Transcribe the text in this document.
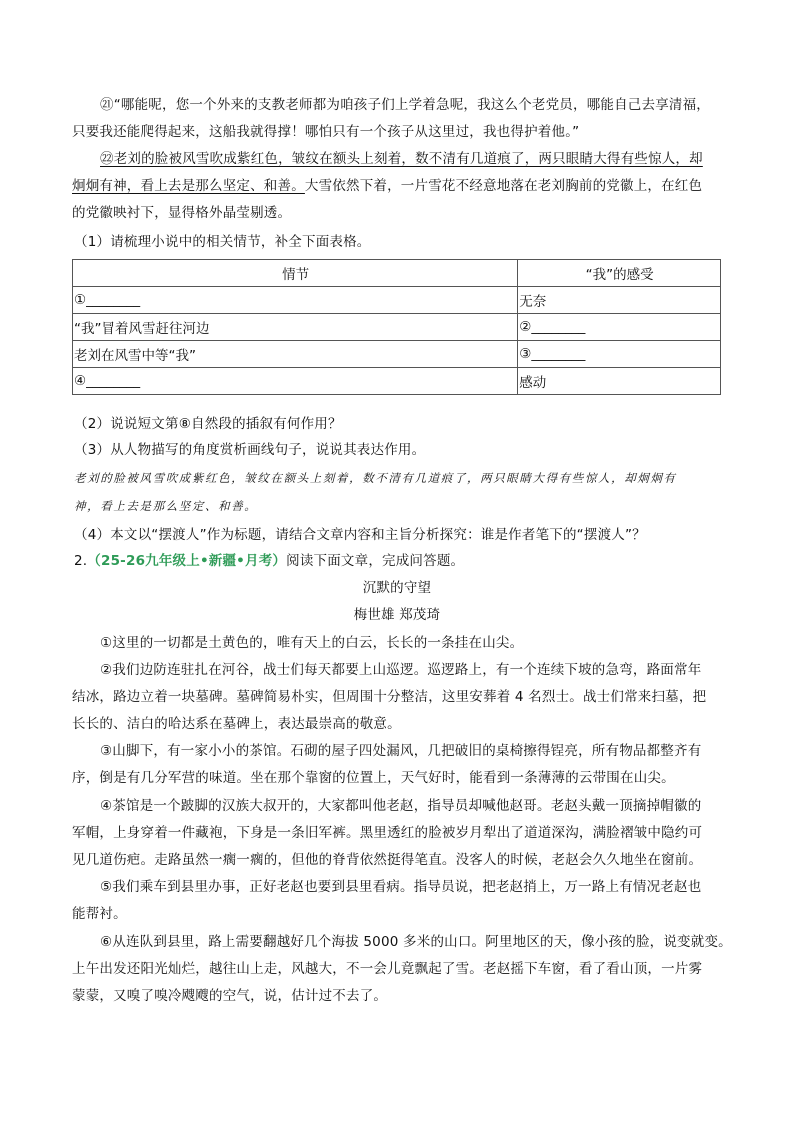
㉑“哪能呢，您一个外来的支教老师都为咱孩子们上学着急呢，我这么个老党员，哪能自己去享清福，

只要我还能爬得起来，这船我就得撑！哪怕只有一个孩子从这里过，我也得护着他。”

㉒老刘的脸被风雪吹成紫红色，皱纹在额头上刻着，数不清有几道痕了，两只眼睛大得有些惊人，却

炯炯有神，看上去是那么坚定、和善。大雪依然下着，一片雪花不经意地落在老刘胸前的党徽上，在红色

的党徽映衬下，显得格外晶莹剔透。

（1）请梳理小说中的相关情节，补全下面表格。

情节	“我”的感受
①________	无奈
“我”冒着风雪赶往河边	②________
老刘在风雪中等“我”	③________
④________	感动

（2）说说短文第⑧自然段的插叙有何作用？

（3）从人物描写的角度赏析画线句子，说说其表达作用。

老刘的脸被风雪吹成紫红色，皱纹在额头上刻着，数不清有几道痕了，两只眼睛大得有些惊人，却炯炯有

神，看上去是那么坚定、和善。

（4）本文以“摆渡人”作为标题，请结合文章内容和主旨分析探究：谁是作者笔下的“摆渡人”？

2.（25-26九年级上•新疆•月考）阅读下面文章，完成问答题。

沉默的守望

梅世雄 郑茂琦

①这里的一切都是土黄色的，唯有天上的白云，长长的一条挂在山尖。

②我们边防连驻扎在河谷，战士们每天都要上山巡逻。巡逻路上，有一个连续下坡的急弯，路面常年

结冰，路边立着一块墓碑。墓碑简易朴实，但周围十分整洁，这里安葬着 4 名烈士。战士们常来扫墓，把

长长的、洁白的哈达系在墓碑上，表达最崇高的敬意。

③山脚下，有一家小小的茶馆。石砌的屋子四处漏风，几把破旧的桌椅擦得锃亮，所有物品都整齐有

序，倒是有几分军营的味道。坐在那个靠窗的位置上，天气好时，能看到一条薄薄的云带围在山尖。

④茶馆是一个跛脚的汉族大叔开的，大家都叫他老赵，指导员却喊他赵哥。老赵头戴一顶摘掉帽徽的

军帽，上身穿着一件藏袍，下身是一条旧军裤。黑里透红的脸被岁月犁出了道道深沟，满脸褶皱中隐约可

见几道伤疤。走路虽然一瘸一瘸的，但他的脊背依然挺得笔直。没客人的时候，老赵会久久地坐在窗前。

⑤我们乘车到县里办事，正好老赵也要到县里看病。指导员说，把老赵捎上，万一路上有情况老赵也

能帮衬。

⑥从连队到县里，路上需要翻越好几个海拔 5000 多米的山口。阿里地区的天，像小孩的脸，说变就变。

上午出发还阳光灿烂，越往山上走，风越大，不一会儿竟飘起了雪。老赵摇下车窗，看了看山顶，一片雾

蒙蒙，又嗅了嗅冷飕飕的空气，说，估计过不去了。
